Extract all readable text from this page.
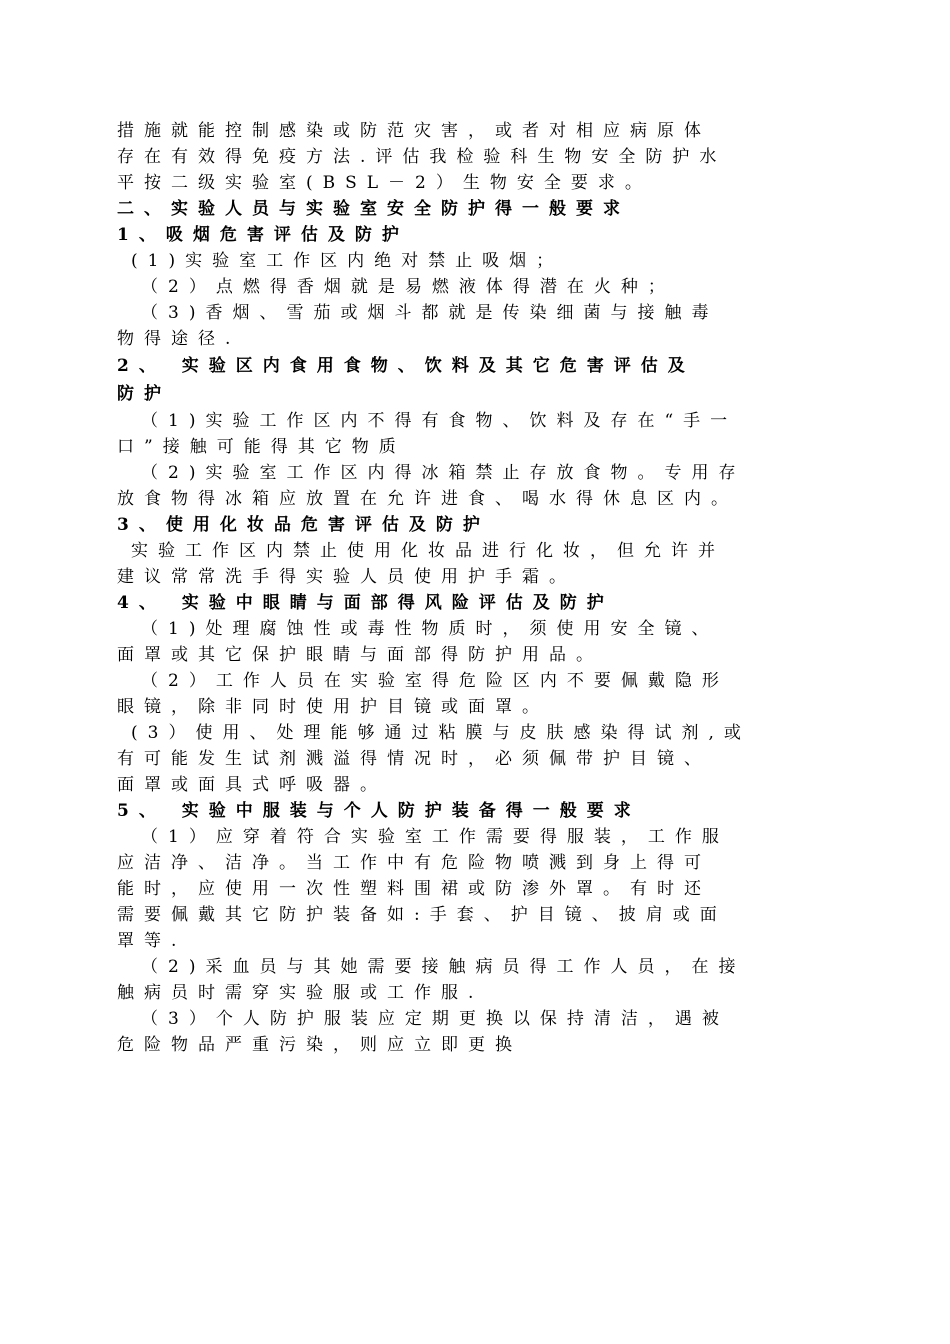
措施就能控制感染或防范灾害，或者对相应病原体
存在有效得免疫方法.评估我检验科生物安全防护水
平按二级实验室(BSL－2）生物安全要求。
二、实验人员与实验室安全防护得一般要求
1、吸烟危害评估及防护
(1)实验室工作区内绝对禁止吸烟；
（2）点燃得香烟就是易燃液体得潜在火种；
（3)香烟、雪茄或烟斗都就是传染细菌与接触毒
物得途径.
2、 实验区内食用食物、饮料及其它危害评估及
防护
（1)实验工作区内不得有食物、饮料及存在“手一
口”接触可能得其它物质
（2)实验室工作区内得冰箱禁止存放食物。专用存
放食物得冰箱应放置在允许进食、喝水得休息区内。
3、使用化妆品危害评估及防护
实验工作区内禁止使用化妆品进行化妆，但允许并
建议常常洗手得实验人员使用护手霜。
4、 实验中眼睛与面部得风险评估及防护
（1)处理腐蚀性或毒性物质时，须使用安全镜、
面罩或其它保护眼睛与面部得防护用品。
（2）工作人员在实验室得危险区内不要佩戴隐形
眼镜，除非同时使用护目镜或面罩。
(3）使用、处理能够通过粘膜与皮肤感染得试剂,或
有可能发生试剂溅溢得情况时，必须佩带护目镜、
面罩或面具式呼吸器。
5、 实验中服装与个人防护装备得一般要求
（1）应穿着符合实验室工作需要得服装，工作服
应洁净、洁净。当工作中有危险物喷溅到身上得可
能时，应使用一次性塑料围裙或防渗外罩。有时还
需要佩戴其它防护装备如:手套、护目镜、披肩或面
罩等.
（2)采血员与其她需要接触病员得工作人员，在接
触病员时需穿实验服或工作服.
（3）个人防护服装应定期更换以保持清洁，遇被
危险物品严重污染，则应立即更换
